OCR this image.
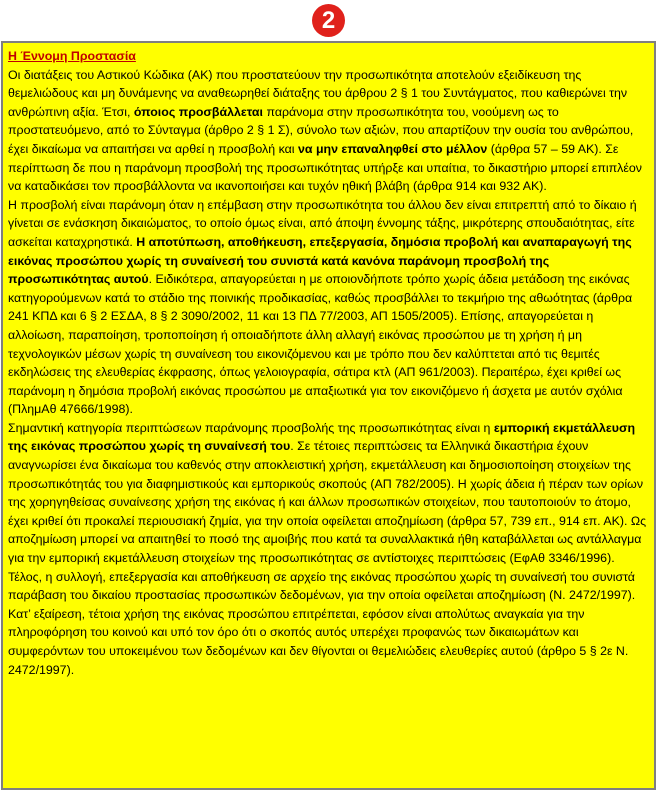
2
Η Έννομη Προστασία

Οι διατάξεις του Αστικού Κώδικα (ΑΚ) που προστατεύουν την προσωπικότητα αποτελούν εξειδίκευση της θεμελιώδους και μη δυνάμενης να αναθεωρηθεί διάταξης του άρθρου 2 § 1 του Συντάγματος, που καθιερώνει την ανθρώπινη αξία. Έτσι, όποιος προσβάλλεται παράνομα στην προσωπικότητα του, νοούμενη ως το προστατευόμενο, από το Σύνταγμα (άρθρο 2 § 1 Σ), σύνολο των αξιών, που απαρτίζουν την ουσία του ανθρώπου, έχει δικαίωμα να απαιτήσει να αρθεί η προσβολή και να μην επαναληφθεί στο μέλλον (άρθρα 57 – 59 ΑΚ). Σε περίπτωση δε που η παράνομη προσβολή της προσωπικότητας υπήρξε και υπαίτια, το δικαστήριο μπορεί επιπλέον να καταδικάσει τον προσβάλλοντα να ικανοποιήσει και τυχόν ηθική βλάβη (άρθρα 914 και 932 ΑΚ).

Η προσβολή είναι παράνομη όταν η επέμβαση στην προσωπικότητα του άλλου δεν είναι επιτρεπτή από το δίκαιο ή γίνεται σε ενάσκηση δικαιώματος, το οποίο όμως είναι, από άποψη έννομης τάξης, μικρότερης σπουδαιότητας, είτε ασκείται καταχρηστικά. Η αποτύπωση, αποθήκευση, επεξεργασία, δημόσια προβολή και αναπαραγωγή της εικόνας προσώπου χωρίς τη συναίνεσή του συνιστά κατά κανόνα παράνομη προσβολή της προσωπικότητας αυτού. Ειδικότερα, απαγορεύεται η με οποιονδήποτε τρόπο χωρίς άδεια μετάδοση της εικόνας κατηγορούμενων κατά το στάδιο της ποινικής προδικασίας, καθώς προσβάλλει το τεκμήριο της αθωότητας (άρθρα 241 ΚΠΔ και 6 § 2 ΕΣΔΑ, 8 § 2 3090/2002, 11 και 13 ΠΔ 77/2003, ΑΠ 1505/2005). Επίσης, απαγορεύεται η αλλοίωση, παραποίηση, τροποποίηση ή οποιαδήποτε άλλη αλλαγή εικόνας προσώπου με τη χρήση ή μη τεχνολογικών μέσων χωρίς τη συναίνεση του εικονιζόμενου και με τρόπο που δεν καλύπτεται από τις θεμιτές εκδηλώσεις της ελευθερίας έκφρασης, όπως γελοιογραφία, σάτιρα κτλ (ΑΠ 961/2003). Περαιτέρω, έχει κριθεί ως παράνομη η δημόσια προβολή εικόνας προσώπου με απαξιωτικά για τον εικονιζόμενο ή άσχετα με αυτόν σχόλια (ΠλημΑθ 47666/1998).

Σημαντική κατηγορία περιπτώσεων παράνομης προσβολής της προσωπικότητας είναι η εμπορική εκμετάλλευση της εικόνας προσώπου χωρίς τη συναίνεσή του. Σε τέτοιες περιπτώσεις τα Ελληνικά δικαστήρια έχουν αναγνωρίσει ένα δικαίωμα του καθενός στην αποκλειστική χρήση, εκμετάλλευση και δημοσιοποίηση στοιχείων της προσωπικότητάς του για διαφημιστικούς και εμπορικούς σκοπούς (ΑΠ 782/2005). Η χωρίς άδεια ή πέραν των ορίων της χορηγηθείσας συναίνεσης χρήση της εικόνας ή και άλλων προσωπικών στοιχείων, που ταυτοποιούν το άτομο, έχει κριθεί ότι προκαλεί περιουσιακή ζημία, για την οποία οφείλεται αποζημίωση (άρθρα 57, 739 επ., 914 επ. ΑΚ). Ως αποζημίωση μπορεί να απαιτηθεί το ποσό της αμοιβής που κατά τα συναλλακτικά ήθη καταβάλλεται ως αντάλλαγμα για την εμπορική εκμετάλλευση στοιχείων της προσωπικότητας σε αντίστοιχες περιπτώσεις (ΕφΑθ 3346/1996).

Τέλος, η συλλογή, επεξεργασία και αποθήκευση σε αρχείο της εικόνας προσώπου χωρίς τη συναίνεσή του συνιστά παράβαση του δικαίου προστασίας προσωπικών δεδομένων, για την οποία οφείλεται αποζημίωση (Ν. 2472/1997). Κατ’ εξαίρεση, τέτοια χρήση της εικόνας προσώπου επιτρέπεται, εφόσον είναι απολύτως αναγκαία για την πληροφόρηση του κοινού και υπό τον όρο ότι ο σκοπός αυτός υπερέχει προφανώς των δικαιωμάτων και συμφερόντων του υποκειμένου των δεδομένων και δεν θίγονται οι θεμελιώδεις ελευθερίες αυτού (άρθρο 5 § 2ε Ν. 2472/1997).
